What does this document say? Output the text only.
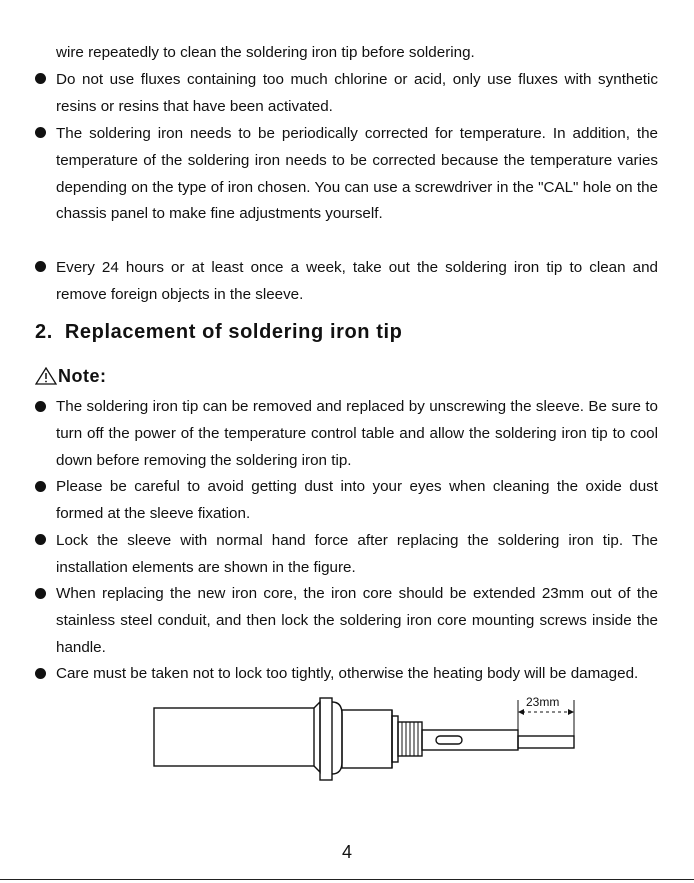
wire repeatedly to clean the soldering iron tip before soldering.
Do not use fluxes containing too much chlorine or acid, only use fluxes with synthetic resins or resins that have been activated.
The soldering iron needs to be periodically corrected for temperature. In addition, the temperature of the soldering iron needs to be corrected because the temperature varies depending on the type of iron chosen. You can use a screwdriver in the "CAL" hole on the chassis panel to make fine adjustments yourself.
Every 24 hours or at least once a week, take out the soldering iron tip to clean and remove foreign objects in the sleeve.
2. Replacement of soldering iron tip
Note:
The soldering iron tip can be removed and replaced by unscrewing the sleeve. Be sure to turn off the power of the temperature control table and allow the soldering iron tip to cool down before removing the soldering iron tip.
Please be careful to avoid getting dust into your eyes when cleaning the oxide dust formed at the sleeve fixation.
Lock the sleeve with normal hand force after replacing the soldering iron tip. The installation elements are shown in the figure.
When replacing the new iron core, the iron core should be extended 23mm out of the stainless steel conduit, and then lock the soldering iron core mounting screws inside the handle.
Care must be taken not to lock too tightly, otherwise the heating body will be damaged.
23mm
4
